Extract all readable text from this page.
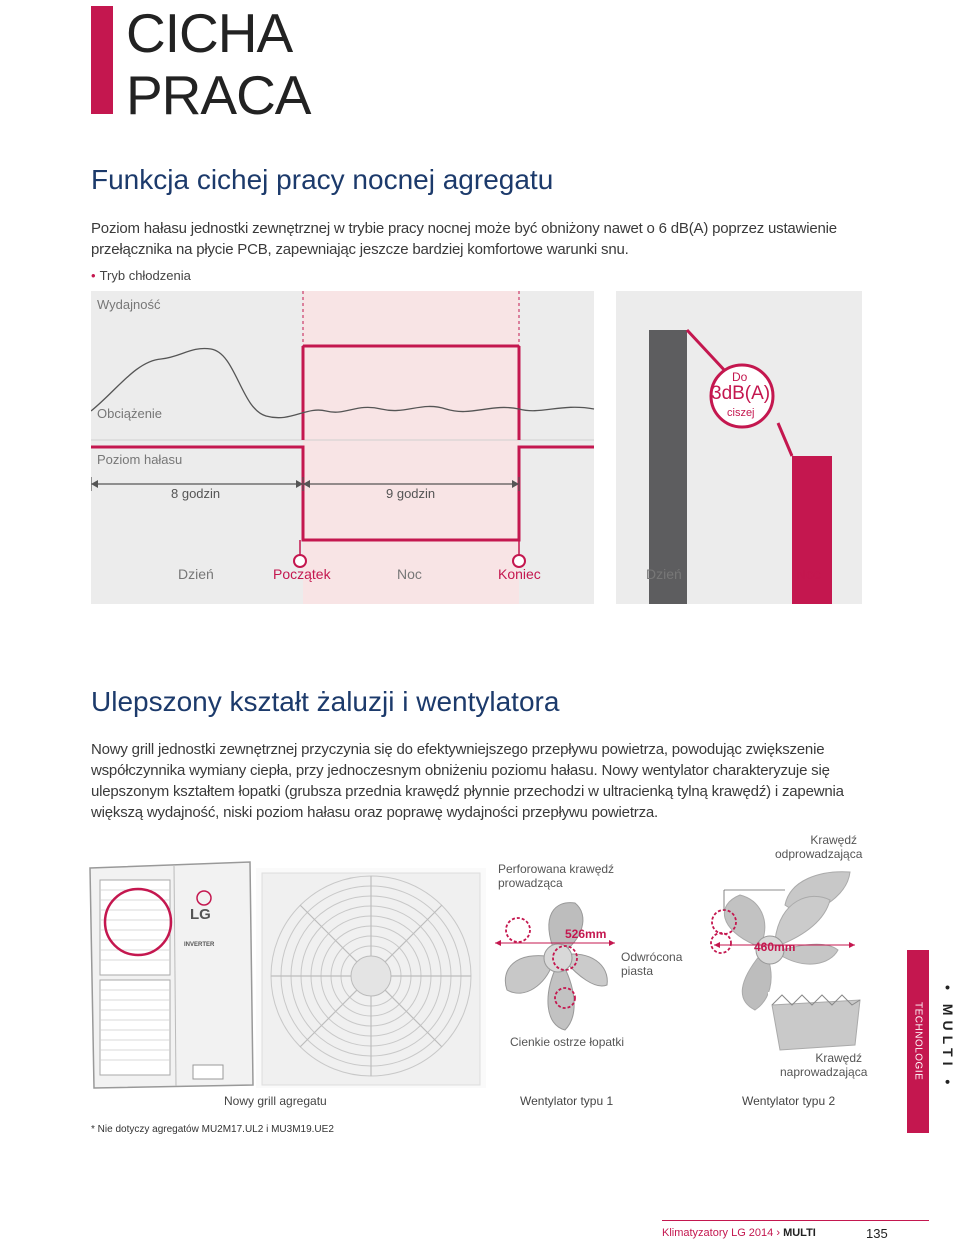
CICHA
PRACA
Funkcja cichej pracy nocnej agregatu
Poziom hałasu jednostki zewnętrznej w trybie pracy nocnej może być obniżony nawet o 6 dB(A) poprzez ustawienie
przełącznika na płycie PCB, zapewniając jeszcze bardziej komfortowe warunki snu.
• Tryb chłodzenia
Wydajność
Obciążenie
Poziom hałasu
8 godzin	9 godzin
Dzień	Początek	Noc	Koniec	Dzień	Noc
Do
3dB(A)
ciszej
Ulepszony kształt żaluzji i wentylatora
Nowy grill jednostki zewnętrznej przyczynia się do efektywniejszego przepływu powietrza, powodując zwiększenie
współczynnika wymiany ciepła, przy jednoczesnym obniżeniu poziomu hałasu. Nowy wentylator charakteryzuje się
ulepszonym kształtem łopatki (grubsza przednia krawędź płynnie przechodzi w ultracienką tylną krawędź) i zapewnia
większą wydajność, niski poziom hałasu oraz poprawę wydajności przepływu powietrza.
LG
INVERTER
Perforowana krawędź
prowadząca
526mm
Odwrócona
piasta
Cienkie ostrze łopatki
Krawędź
odprowadzająca
460mm
Krawędź
naprowadzająca
Nowy grill agregatu	Wentylator typu 1	Wentylator typu 2
TECHNOLOGIE • MULTI •
* Nie dotyczy agregatów MU2M17.UL2 i MU3M19.UE2
Klimatyzatory LG 2014 › MULTI	135
